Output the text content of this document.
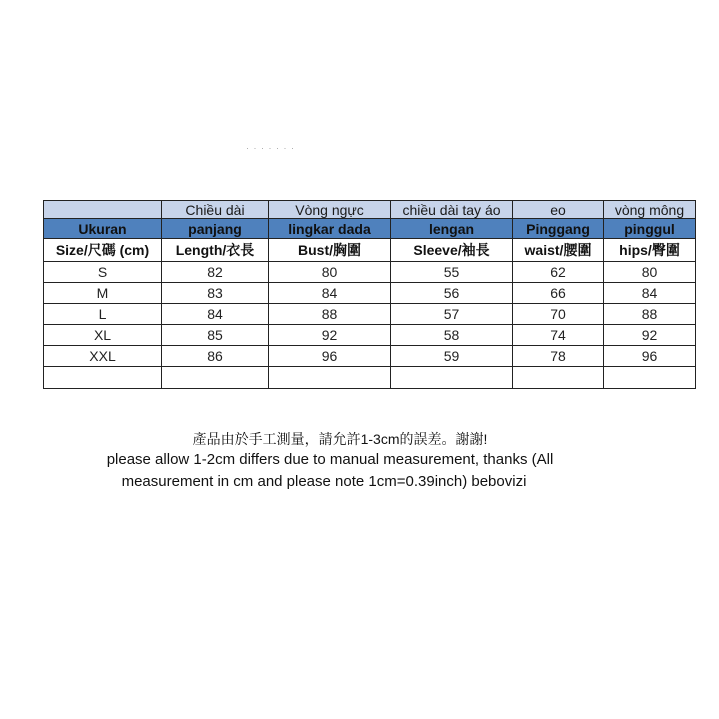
· · · · · · ·
	Chiều dài	Vòng ngực	chiều dài tay áo	eo	vòng mông
Ukuran	panjang	lingkar dada	lengan	Pinggang	pinggul
Size/尺碼 (cm)	Length/衣長	Bust/胸圍	Sleeve/袖長	waist/腰圍	hips/臀圍
S	82	80	55	62	80
M	83	84	56	66	84
L	84	88	57	70	88
XL	85	92	58	74	92
XXL	86	96	59	78	96

產品由於手工測量，請允許1-3cm的誤差。謝謝!
please allow 1-2cm differs due to manual measurement, thanks (All
measurement in cm and please note 1cm=0.39inch) bebovizi
